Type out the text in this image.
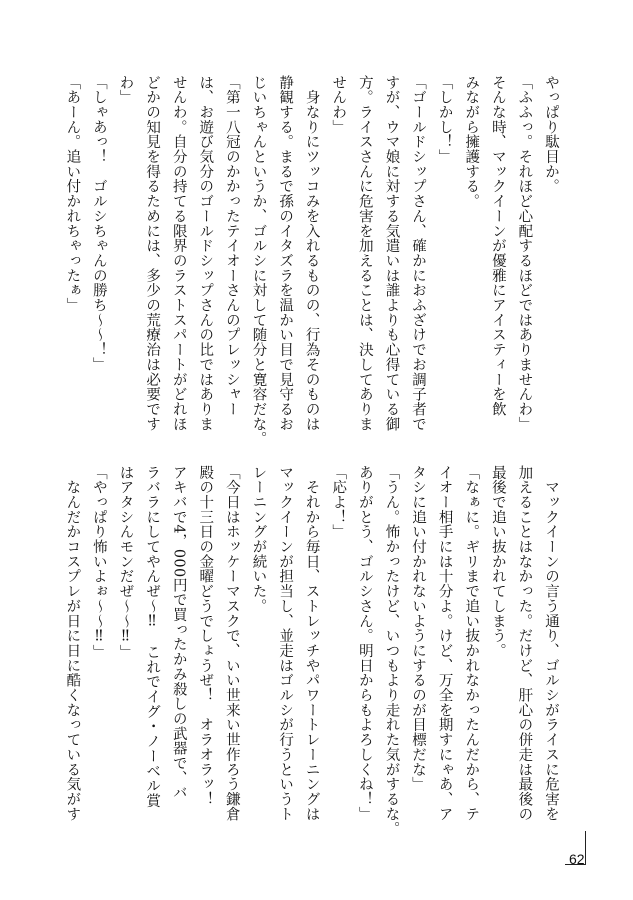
やっぱり駄目か。
「ふふっ。それほど心配するほどではありませんわ」
そんな時、マックイーンが優雅にアイスティーを飲
みながら擁護する。
「しかし！」
「ゴールドシップさん、確かにおふざけでお調子者で
すが、ウマ娘に対する気遣いは誰よりも心得ている御
方。ライスさんに危害を加えることは、決してありま
せんわ」
　身なりにツッコみを入れるものの、行為そのものは
静観する。まるで孫のイタズラを温かい目で見守るお
じいちゃんというか、ゴルシに対して随分と寛容だな。
「第一八冠のかかったテイオーさんのプレッシャー
は、お遊び気分のゴールドシップさんの比ではありま
せんわ。自分の持てる限界のラストスパートがどれほ
どかの知見を得るためには、多少の荒療治は必要です
わ」
「しゃあっ！　ゴルシちゃんの勝ち〜〜！」
「あーん。追い付かれちゃったぁ」
　マックイーンの言う通り、ゴルシがライスに危害を
加えることはなかった。だけど、肝心の併走は最後の
最後で追い抜かれてしまう。
「なぁに。ギリまで追い抜かれなかったんだから、テ
イオー相手には十分よ。けど、万全を期すにゃあ、ア
タシに追い付かれないようにするのが目標だな」
「うん。怖かったけど、いつもより走れた気がするな。
ありがとう、ゴルシさん。明日からもよろしくね！」
「応よ！」
　それから毎日、ストレッチやパワートレーニングは
マックイーンが担当し、並走はゴルシが行うというト
レーニングが続いた。
「今日はホッケーマスクで、いい世来い世作ろう鎌倉
殿の十三日の金曜どうでしょうぜ！　オラオラッ！
アキバで4，000円で買ったかみ殺しの武器で、バ
ラバラにしてやんぜ〜‼　これでイグ・ノーベル賞
はアタシんモンだぜ〜〜‼」
「やっぱり怖いよぉ〜〜‼」
　なんだかコスプレが日に日に酷くなっている気がす
62
